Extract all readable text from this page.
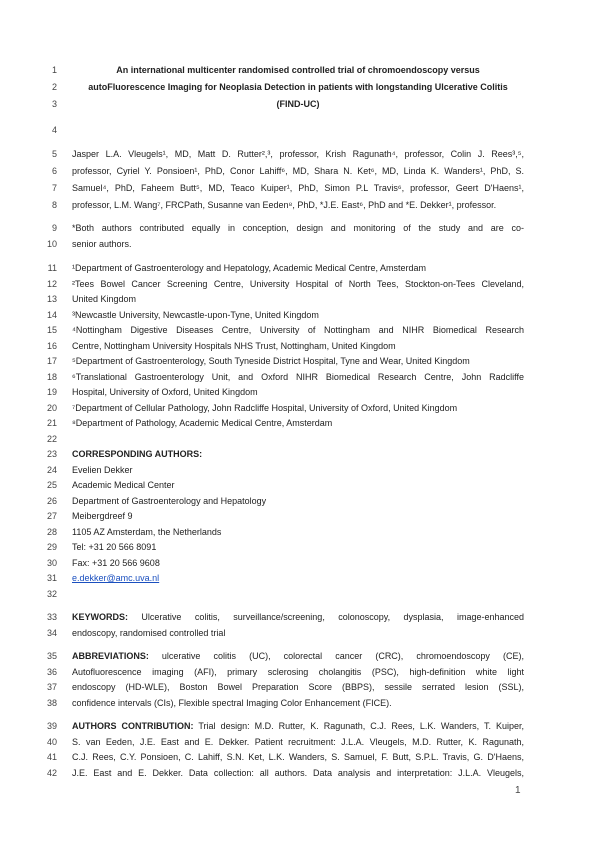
1	An international multicenter randomised controlled trial of chromoendoscopy versus
2	autoFluorescence Imaging for Neoplasia Detection in patients with longstanding Ulcerative Colitis
3	(FIND-UC)
4
5 Jasper L.A. Vleugels¹, MD, Matt D. Rutter²,³, professor, Krish Ragunath⁴, professor, Colin J. Rees³,⁵,
6 professor, Cyriel Y. Ponsioen¹, PhD, Conor Lahiff⁶, MD, Shara N. Ket⁶, MD, Linda K. Wanders¹, PhD, S.
7 Samuel⁴, PhD, Faheem Butt⁵, MD, Teaco Kuiper¹, PhD, Simon P.L Travis⁶, professor, Geert D'Haens¹,
8 professor, L.M. Wang⁷, FRCPath, Susanne van Eeden⁸, PhD, *J.E. East⁶, PhD and *E. Dekker¹, professor.
9 *Both authors contributed equally in conception, design and monitoring of the study and are co-
10 senior authors.
11 ¹Department of Gastroenterology and Hepatology, Academic Medical Centre, Amsterdam
12 ²Tees Bowel Cancer Screening Centre, University Hospital of North Tees, Stockton-on-Tees Cleveland,
13 United Kingdom
14 ³Newcastle University, Newcastle-upon-Tyne, United Kingdom
15 ⁴Nottingham Digestive Diseases Centre, University of Nottingham and NIHR Biomedical Research
16 Centre, Nottingham University Hospitals NHS Trust, Nottingham, United Kingdom
17 ⁵Department of Gastroenterology, South Tyneside District Hospital, Tyne and Wear, United Kingdom
18 ⁶Translational Gastroenterology Unit, and Oxford NIHR Biomedical Research Centre, John Radcliffe
19 Hospital, University of Oxford, United Kingdom
20 ⁷Department of Cellular Pathology, John Radcliffe Hospital, University of Oxford, United Kingdom
21 ⁸Department of Pathology, Academic Medical Centre, Amsterdam
22
23 CORRESPONDING AUTHORS:
24 Evelien Dekker
25 Academic Medical Center
26 Department of Gastroenterology and Hepatology
27 Meibergdreef 9
28 1105 AZ Amsterdam, the Netherlands
29 Tel: +31 20 566 8091
30 Fax: +31 20 566 9608
31 e.dekker@amc.uva.nl
32
33 KEYWORDS: Ulcerative colitis, surveillance/screening, colonoscopy, dysplasia, image-enhanced
34 endoscopy, randomised controlled trial
35 ABBREVIATIONS: ulcerative colitis (UC), colorectal cancer (CRC), chromoendoscopy (CE),
36 Autofluorescence imaging (AFI), primary sclerosing cholangitis (PSC), high-definition white light
37 endoscopy (HD-WLE), Boston Bowel Preparation Score (BBPS), sessile serrated lesion (SSL),
38 confidence intervals (CIs), Flexible spectral Imaging Color Enhancement (FICE).
39 AUTHORS CONTRIBUTION: Trial design: M.D. Rutter, K. Ragunath, C.J. Rees, L.K. Wanders, T. Kuiper,
40 S. van Eeden, J.E. East and E. Dekker. Patient recruitment: J.L.A. Vleugels, M.D. Rutter, K. Ragunath,
41 C.J. Rees, C.Y. Ponsioen, C. Lahiff, S.N. Ket, L.K. Wanders, S. Samuel, F. Butt, S.P.L. Travis, G. D'Haens,
42 J.E. East and E. Dekker. Data collection: all authors. Data analysis and interpretation: J.L.A. Vleugels,
1
